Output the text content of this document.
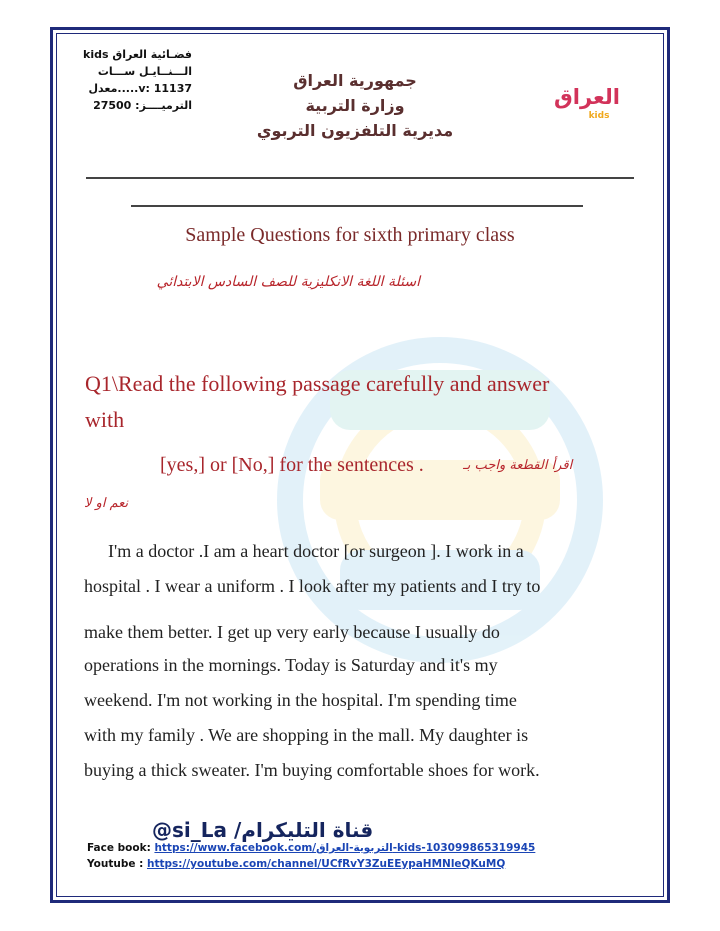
فضـائية العراق kids
الـــنــايـل ســـات
v: 11137.....معدل
الترميــــز: 27500
جمهورية العراق
وزارة التربية
مديرية التلفزيون التربوي
العراق
kids
Sample Questions for sixth primary class
اسئلة اللغة الانكليزية للصف السادس الابتدائي
Q1\Read the following passage carefully and answer
with
[yes,] or [No,] for the sentences .	اقرأ القطعة واجب بـ
نعم او لا
I'm a doctor .I am a heart doctor [or surgeon ]. I work in a
hospital . I wear a uniform . I look after my patients and I try to
make them better. I get up very early because I usually do
operations in the mornings. Today is Saturday and it's my
weekend. I'm not working in the hospital. I'm spending time
with my family . We are shopping in the mall. My daughter is
buying a thick sweater. I'm buying comfortable shoes for work.
@si_La /قناة التليكرام
Face book: https://www.facebook.com/التربوية-العراق-kids-103099865319945
Youtube : https://youtube.com/channel/UCfRvY3ZuEEypaHMNleQKuMQ
